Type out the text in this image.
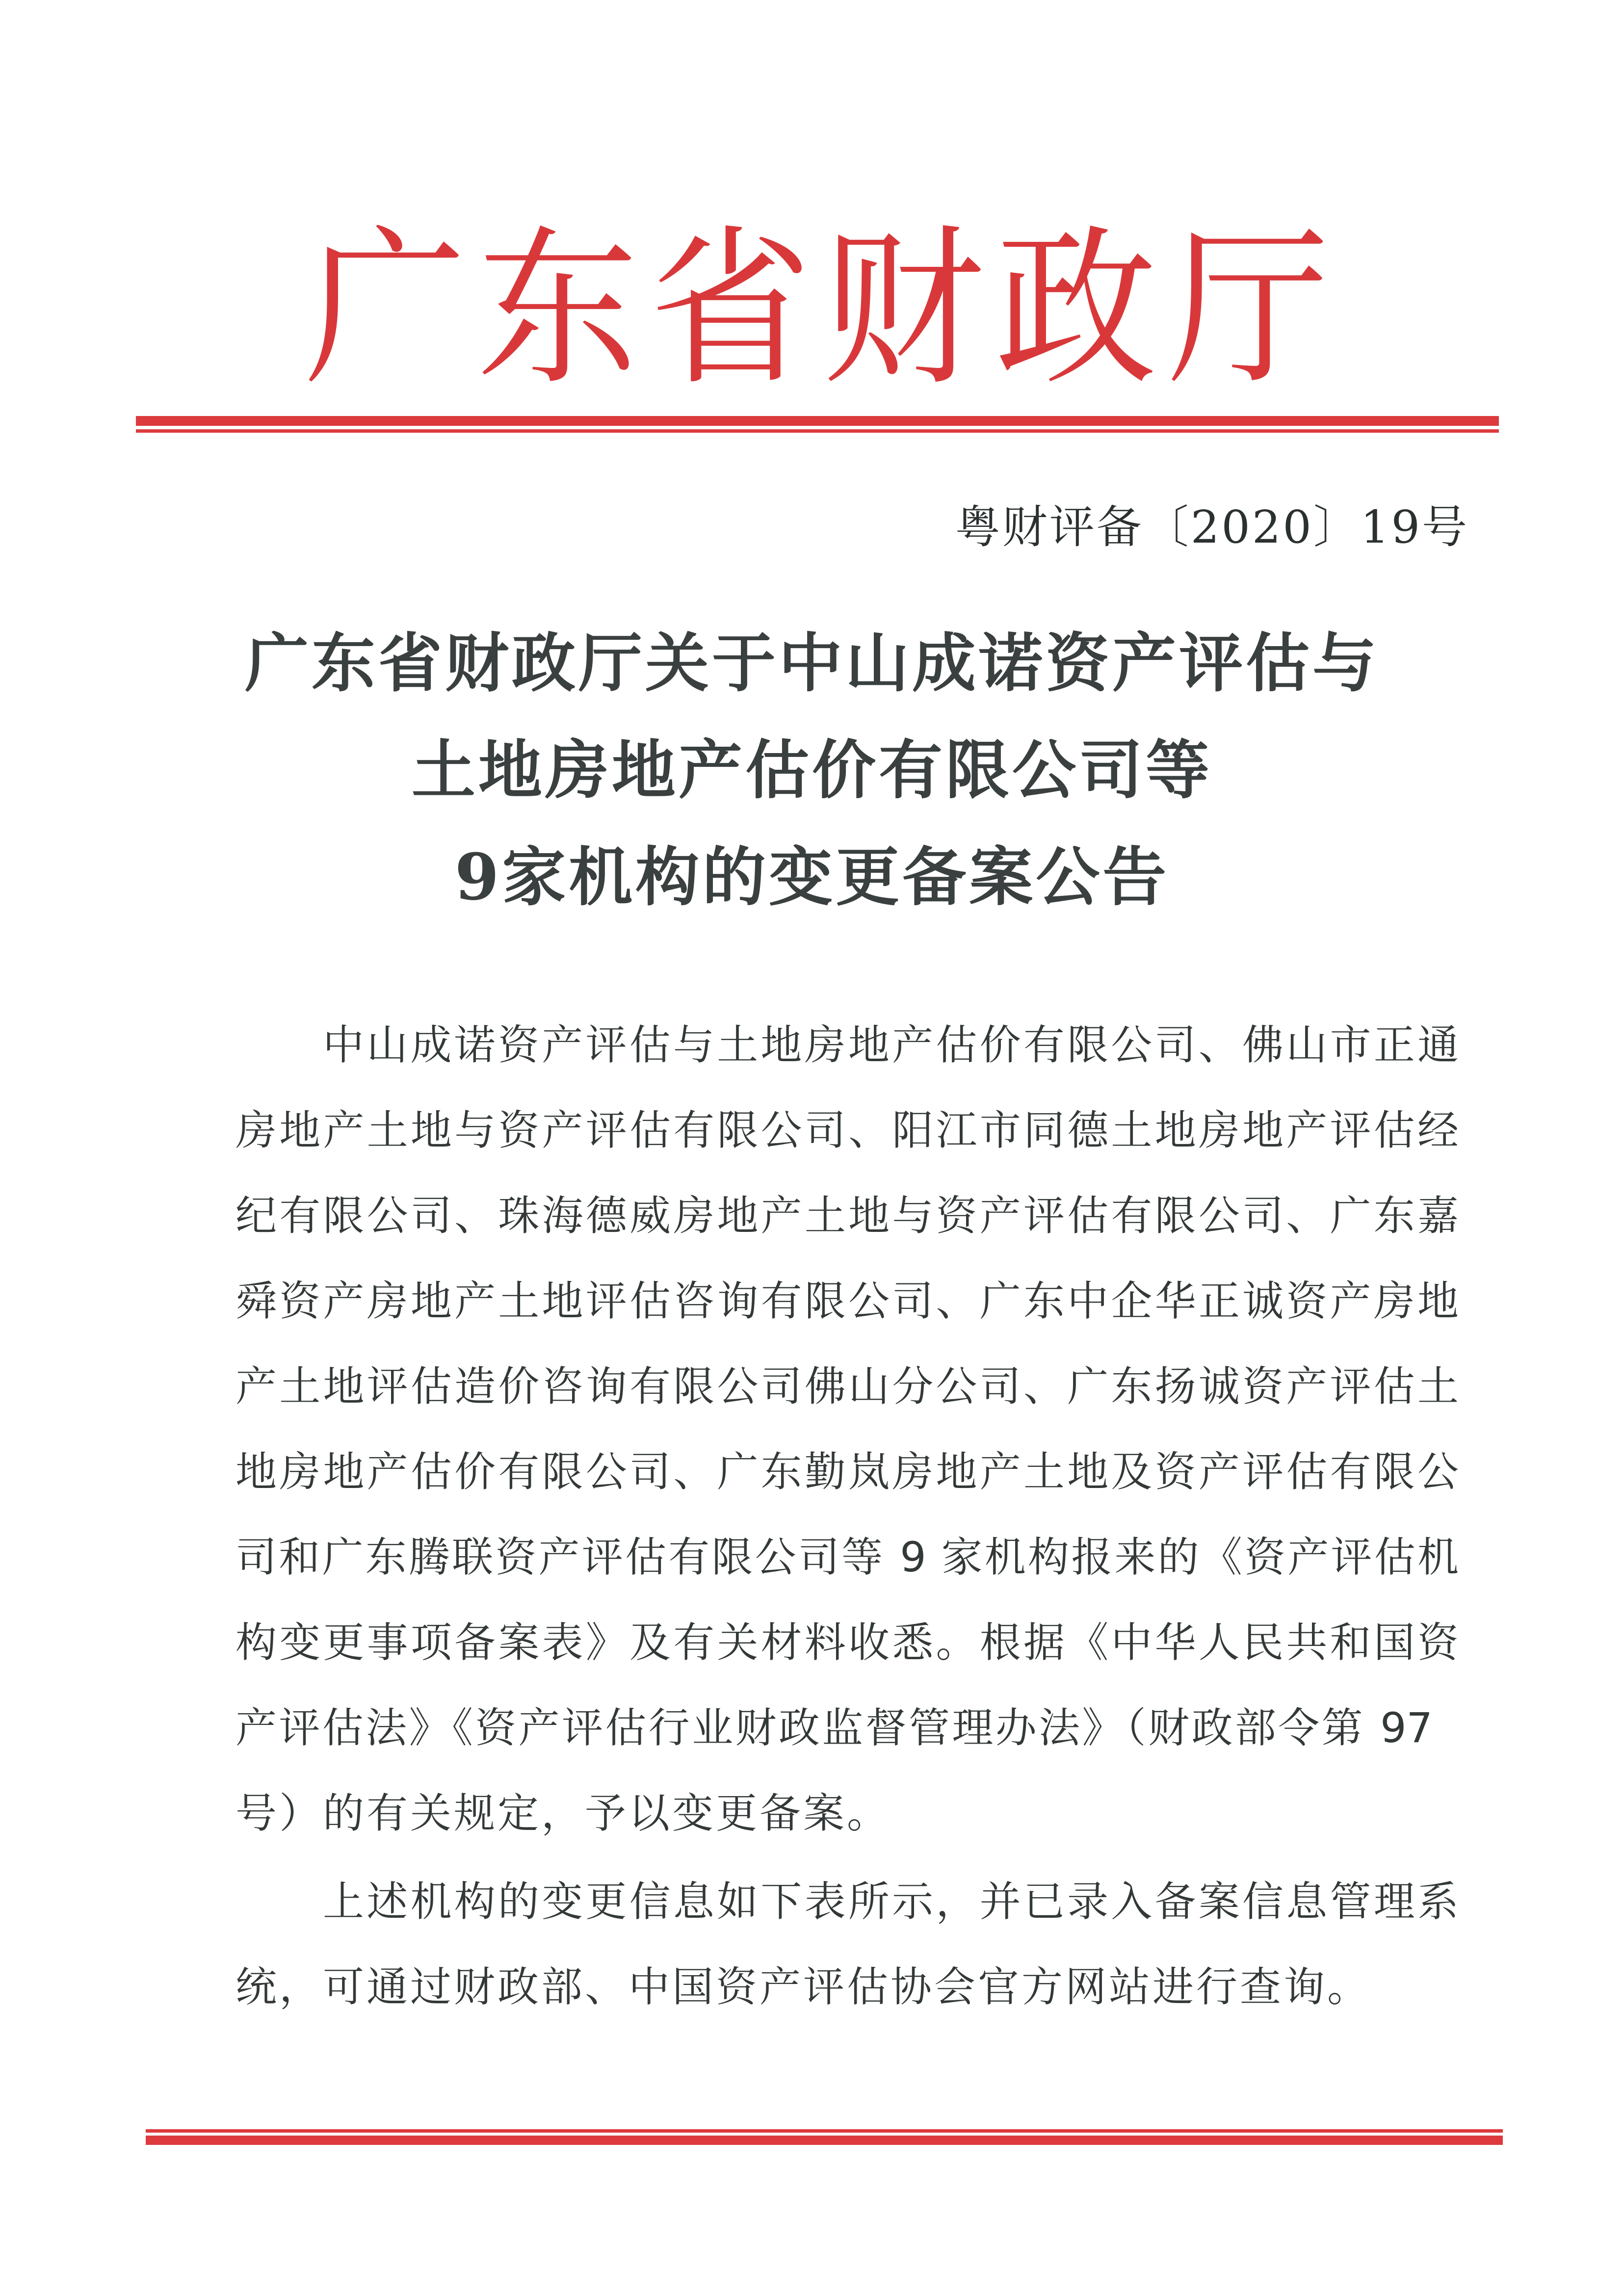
广 东 省 财 政 厅
粤财评备〔2020〕19号
广东省财政厅关于中山成诺资产评估与
土地房地产估价有限公司等
9家机构的变更备案公告
中山成诺资产评估与土地房地产估价有限公司、佛山市正通
房地产土地与资产评估有限公司、阳江市同德土地房地产评估经
纪有限公司、珠海德威房地产土地与资产评估有限公司、广东嘉
舜资产房地产土地评估咨询有限公司、广东中企华正诚资产房地
产土地评估造价咨询有限公司佛山分公司、广东扬诚资产评估土
地房地产估价有限公司、广东勤岚房地产土地及资产评估有限公
司和广东腾联资产评估有限公司等 9 家机构报来的《资产评估机
构变更事项备案表》及有关材料收悉。根据《中华人民共和国资
产评估法》《资产评估行业财政监督管理办法》（财政部令第 97
号）的有关规定，予以变更备案。
上述机构的变更信息如下表所示，并已录入备案信息管理系
统，可通过财政部、中国资产评估协会官方网站进行查询。
